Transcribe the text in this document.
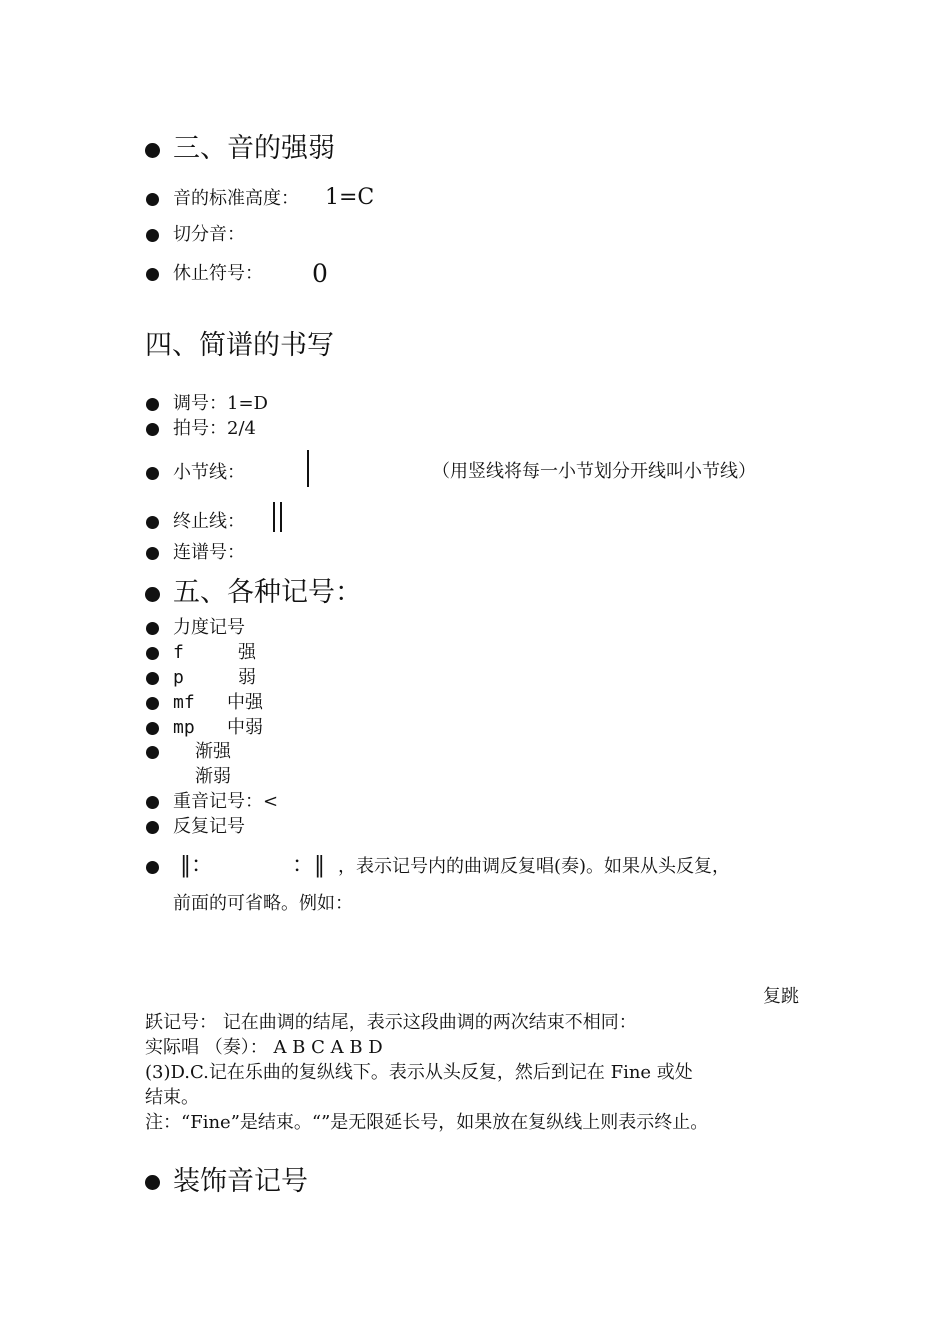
三、音的强弱
音的标准高度： 1=C
切分音：
休止符号： 0
四、简谱的书写
调号：1=D
拍号：2/4
小节线：	（用竖线将每一小节划分开线叫小节线）
终止线：
连谱号：
五、各种记号：
力度记号
f	强
p	弱
mf 中强
mp 中弱
渐强
渐弱
重音记号：<
反复记号
‖：	：‖ ，表示记号内的曲调反复唱(奏)。如果从头反复，
前面的可省略。例如：
复跳
跃记号： 记在曲调的结尾，表示这段曲调的两次结束不相同：
实际唱 （奏）： A B C A B D
(3)D.C.记在乐曲的复纵线下。表示从头反复，然后到记在 Fine 或处
结束。
注：“Fine”是结束。“”是无限延长号，如果放在复纵线上则表示终止。
装饰音记号
